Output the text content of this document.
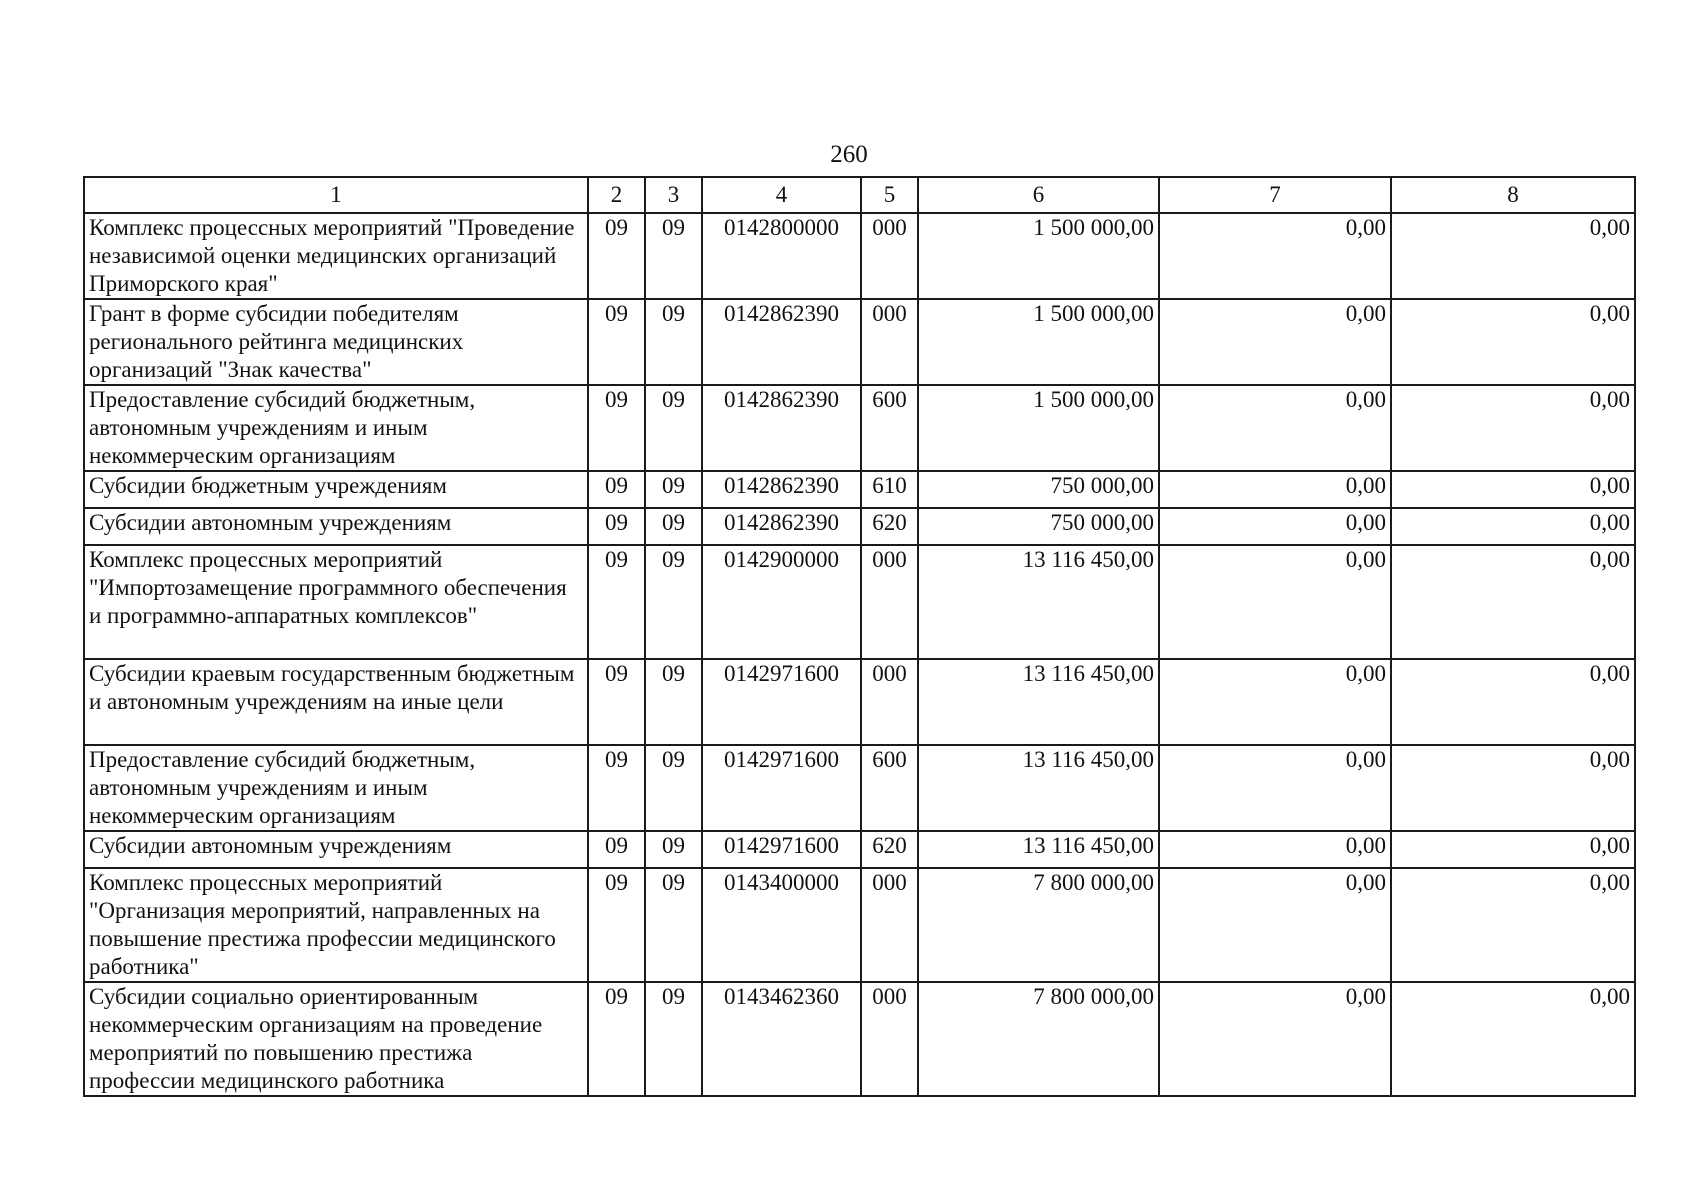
260
1	2	3	4	5	6	7	8
Комплекс процессных мероприятий "Проведение независимой оценки медицинских организаций Приморского края"	09	09	0142800000	000	1 500 000,00	0,00	0,00
Грант в форме субсидии победителям регионального рейтинга медицинских организаций "Знак качества"	09	09	0142862390	000	1 500 000,00	0,00	0,00
Предоставление субсидий бюджетным, автономным учреждениям и иным некоммерческим организациям	09	09	0142862390	600	1 500 000,00	0,00	0,00
Субсидии бюджетным учреждениям	09	09	0142862390	610	750 000,00	0,00	0,00
Субсидии автономным учреждениям	09	09	0142862390	620	750 000,00	0,00	0,00
Комплекс процессных мероприятий "Импортозамещение программного обеспечения и программно-аппаратных комплексов"	09	09	0142900000	000	13 116 450,00	0,00	0,00
Субсидии краевым государственным бюджетным и автономным учреждениям на иные цели	09	09	0142971600	000	13 116 450,00	0,00	0,00
Предоставление субсидий бюджетным, автономным учреждениям и иным некоммерческим организациям	09	09	0142971600	600	13 116 450,00	0,00	0,00
Субсидии автономным учреждениям	09	09	0142971600	620	13 116 450,00	0,00	0,00
Комплекс процессных мероприятий "Организация мероприятий, направленных на повышение престижа профессии медицинского работника"	09	09	0143400000	000	7 800 000,00	0,00	0,00
Субсидии социально ориентированным некоммерческим организациям на проведение мероприятий по повышению престижа профессии медицинского работника	09	09	0143462360	000	7 800 000,00	0,00	0,00
